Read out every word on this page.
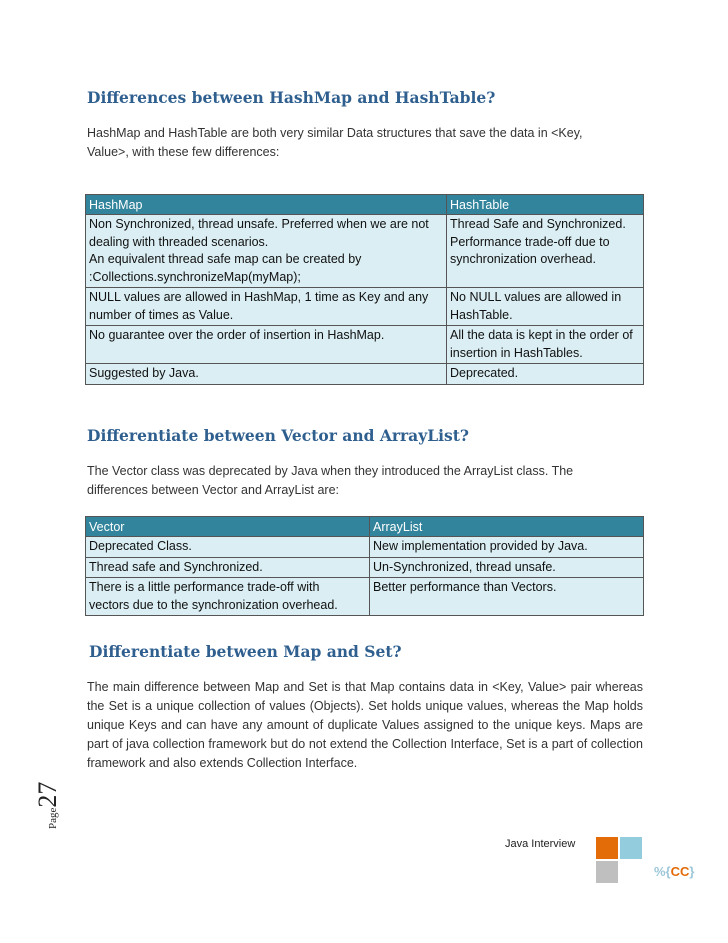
Differences between HashMap and HashTable?

HashMap and HashTable are both very similar Data structures that save the data in <Key,
Value>, with these few differences:

HashMap	HashTable
Non Synchronized, thread unsafe. Preferred when we are not
dealing with threaded scenarios.
An equivalent thread safe map can be created by
:Collections.synchronizeMap(myMap);	Thread Safe and Synchronized.
Performance trade-off due to
synchronization overhead.
NULL values are allowed in HashMap, 1 time as Key and any
number of times as Value.	No NULL values are allowed in
HashTable.
No guarantee over the order of insertion in HashMap.	All the data is kept in the order of
insertion in HashTables.
Suggested by Java.	Deprecated.
Differentiate between Vector and ArrayList?

The Vector class was deprecated by Java when they introduced the ArrayList class. The
differences between Vector and ArrayList are:

Vector	ArrayList
Deprecated Class.	New implementation provided by Java.
Thread safe and Synchronized.	Un-Synchronized, thread unsafe.
There is a little performance trade-off with
vectors due to the synchronization overhead.	Better performance than Vectors.
Differentiate between Map and Set?

The main difference between Map and Set is that Map contains data in <Key, Value> pair whereas the Set is a unique collection of values (Objects). Set holds unique values, whereas the Map holds unique Keys and can have any amount of duplicate Values assigned to the unique keys. Maps are part of java collection framework but do not extend the Collection Interface, Set is a part of collection framework and also extends Collection Interface.

Page
27
Java Interview
%{CC}
